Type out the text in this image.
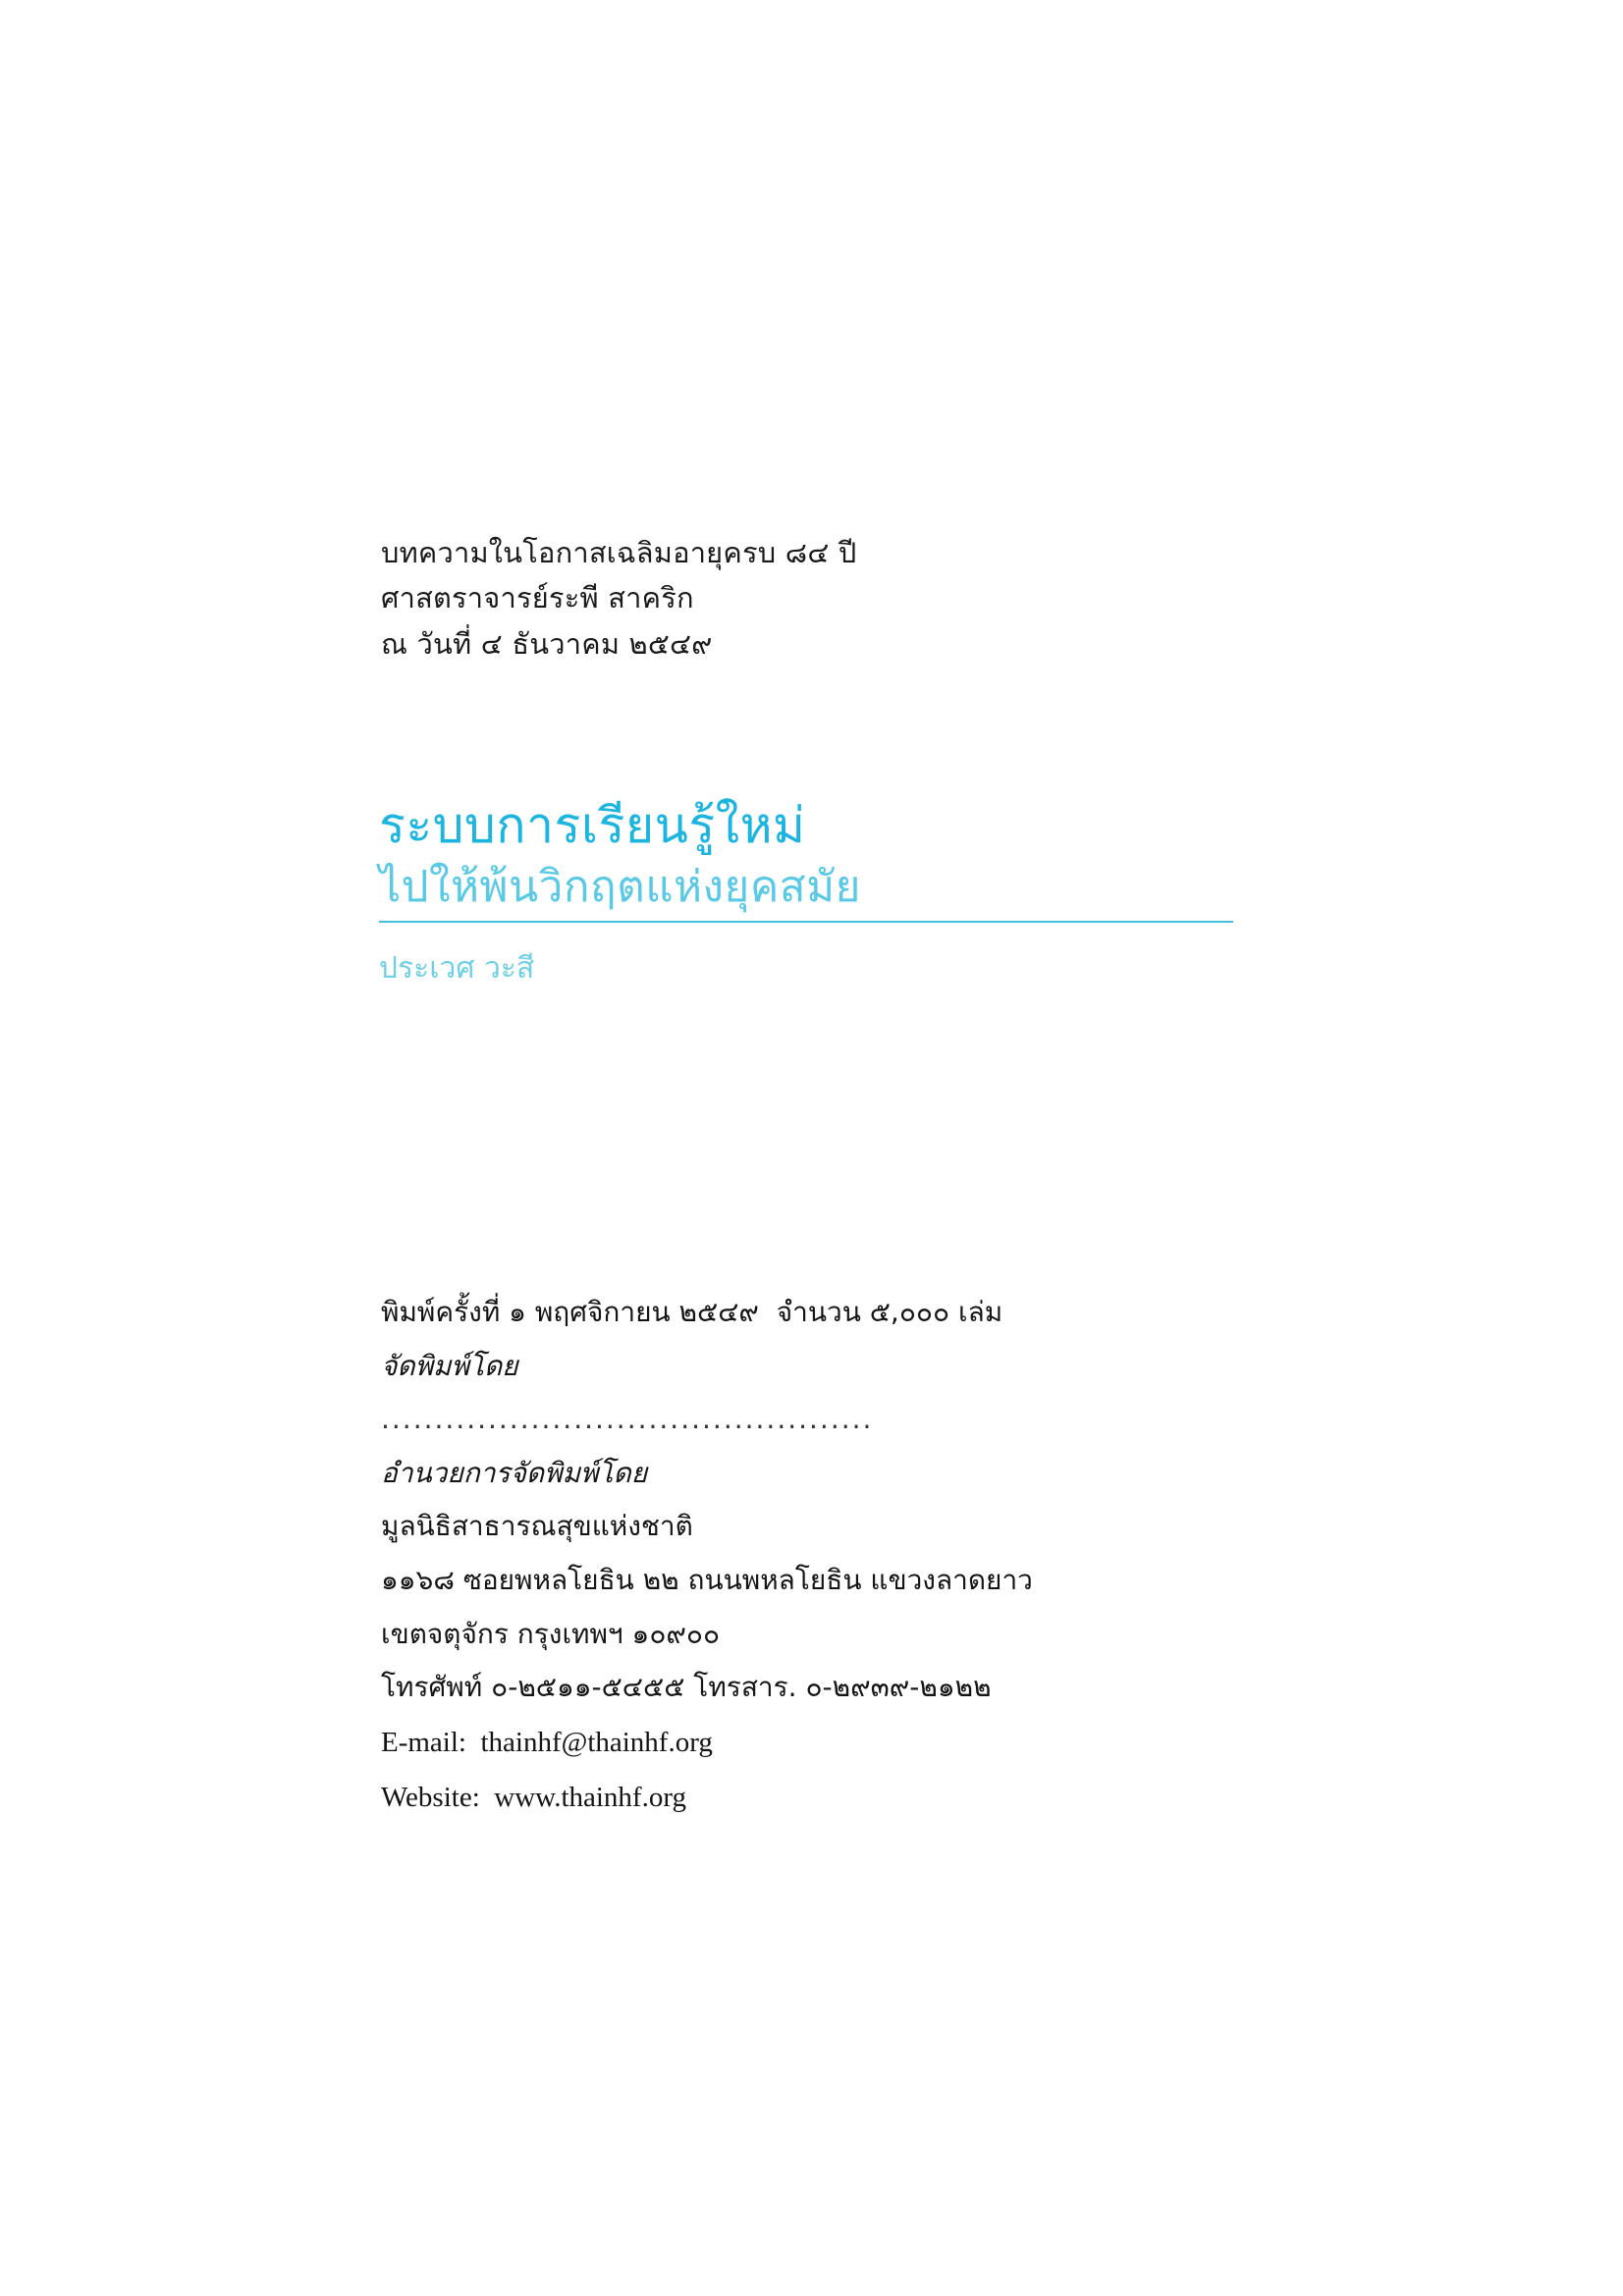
บทความในโอกาสเฉลิมอายุครบ ๘๔ ปี
ศาสตราจารย์ระพี สาคริก
ณ วันที่ ๔ ธันวาคม ๒๕๔๙
ระบบการเรียนรู้ใหม่
ไปให้พ้นวิกฤตแห่งยุคสมัย
ประเวศ วะสี
พิมพ์ครั้งที่ ๑ พฤศจิกายน ๒๕๔๙  จำนวน ๕,๐๐๐ เล่ม
จัดพิมพ์โดย
..............................................
อำนวยการจัดพิมพ์โดย
มูลนิธิสาธารณสุขแห่งชาติ
๑๑๖๘ ซอยพหลโยธิน ๒๒ ถนนพหลโยธิน แขวงลาดยาว
เขตจตุจักร กรุงเทพฯ ๑๐๙๐๐
โทรศัพท์ ๐-๒๕๑๑-๕๔๕๕ โทรสาร. ๐-๒๙๓๙-๒๑๒๒
E-mail:  thainhf@thainhf.org
Website:  www.thainhf.org
